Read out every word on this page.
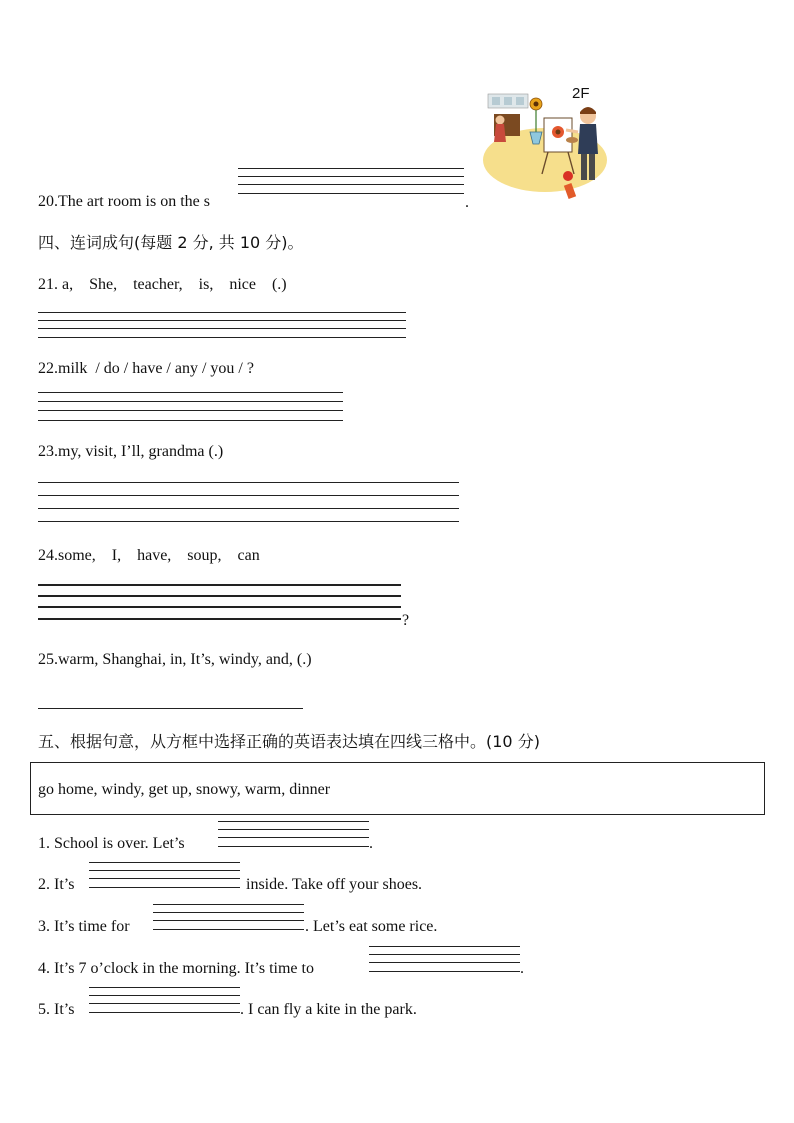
2F
20.The art room is on the s	.
四、连词成句(每题 2 分, 共 10 分)。
21. a,    She,    teacher,    is,    nice    (.)
22.milk  / do / have / any / you / ?
23.my, visit, I’ll, grandma (.)
24.some,    I,    have,    soup,    can
?
25.warm, Shanghai, in, It’s, windy, and, (.)
五、根据句意，从方框中选择正确的英语表达填在四线三格中。(10 分)
go home, windy, get up, snowy, warm, dinner
1. School is over. Let’s	.
2. It’s	inside. Take off your shoes.
3. It’s time for	. Let’s eat some rice.
4. It’s 7 o’clock in the morning. It’s time to	.
5. It’s	. I can fly a kite in the park.
